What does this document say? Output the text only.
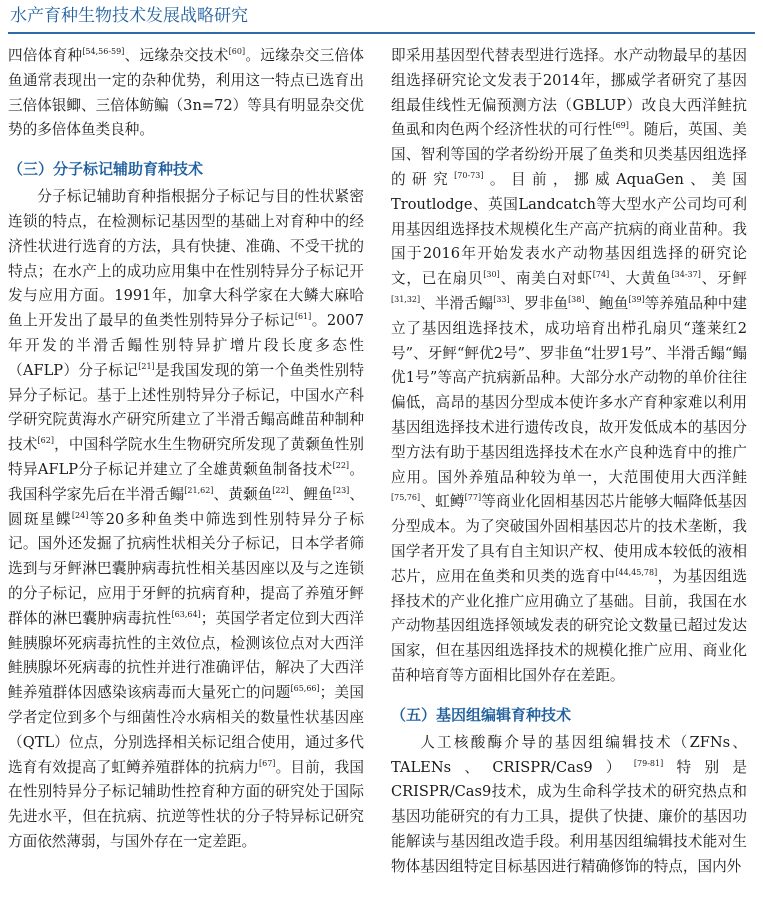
水产育种生物技术发展战略研究

四倍体育种[54,56-59]、远缘杂交技术[60]。远缘杂交三倍体鱼通常表现出一定的杂种优势，利用这一特点已选育出三倍体银鲫、三倍体鲂鳊（3n=72）等具有明显杂交优势的多倍体鱼类良种。

（三）分子标记辅助育种技术

分子标记辅助育种指根据分子标记与目的性状紧密连锁的特点，在检测标记基因型的基础上对育种中的经济性状进行选育的方法，具有快捷、准确、不受干扰的特点；在水产上的成功应用集中在性别特异分子标记开发与应用方面。1991年，加拿大科学家在大鳞大麻哈鱼上开发出了最早的鱼类性别特异分子标记[61]。2007年开发的半滑舌鳎性别特异扩增片段长度多态性（AFLP）分子标记[21]是我国发现的第一个鱼类性别特异分子标记。基于上述性别特异分子标记，中国水产科学研究院黄海水产研究所建立了半滑舌鳎高雌苗种制种技术[62]，中国科学院水生生物研究所发现了黄颡鱼性别特异AFLP分子标记并建立了全雄黄颡鱼制备技术[22]。我国科学家先后在半滑舌鳎[21,62]、黄颡鱼[22]、鲤鱼[23]、圆斑星鲽[24]等20多种鱼类中筛选到性别特异分子标记。国外还发掘了抗病性状相关分子标记，日本学者筛选到与牙鲆淋巴囊肿病毒抗性相关基因座以及与之连锁的分子标记，应用于牙鲆的抗病育种，提高了养殖牙鲆群体的淋巴囊肿病毒抗性[63,64]；英国学者定位到大西洋鲑胰腺坏死病毒抗性的主效位点，检测该位点对大西洋鲑胰腺坏死病毒的抗性并进行准确评估，解决了大西洋鲑养殖群体因感染该病毒而大量死亡的问题[65,66]；美国学者定位到多个与细菌性冷水病相关的数量性状基因座（QTL）位点，分别选择相关标记组合使用，通过多代选育有效提高了虹鳟养殖群体的抗病力[67]。目前，我国在性别特异分子标记辅助性控育种方面的研究处于国际先进水平，但在抗病、抗逆等性状的分子特异标记研究方面依然薄弱，与国外存在一定差距。

即采用基因型代替表型进行选择。水产动物最早的基因组选择研究论文发表于2014年，挪威学者研究了基因组最佳线性无偏预测方法（GBLUP）改良大西洋鲑抗鱼虱和肉色两个经济性状的可行性[69]。随后，英国、美国、智利等国的学者纷纷开展了鱼类和贝类基因组选择的研究[70-73]。目前，挪威AquaGen、美国Troutlodge、英国Landcatch等大型水产公司均可利用基因组选择技术规模化生产高产抗病的商业苗种。我国于2016年开始发表水产动物基因组选择的研究论文，已在扇贝[30]、南美白对虾[74]、大黄鱼[34-37]、牙鲆[31,32]、半滑舌鳎[33]、罗非鱼[38]、鲍鱼[39]等养殖品种中建立了基因组选择技术，成功培育出栉孔扇贝“蓬莱红2号”、牙鲆“鲆优2号”、罗非鱼“壮罗1号”、半滑舌鳎“鳎优1号”等高产抗病新品种。大部分水产动物的单价往往偏低，高昂的基因分型成本使许多水产育种家难以利用基因组选择技术进行遗传改良，故开发低成本的基因分型方法有助于基因组选择技术在水产良种选育中的推广应用。国外养殖品种较为单一，大范围使用大西洋鲑[75,76]、虹鳟[77]等商业化固相基因芯片能够大幅降低基因分型成本。为了突破国外固相基因芯片的技术垄断，我国学者开发了具有自主知识产权、使用成本较低的液相芯片，应用在鱼类和贝类的选育中[44,45,78]，为基因组选择技术的产业化推广应用确立了基础。目前，我国在水产动物基因组选择领域发表的研究论文数量已超过发达国家，但在基因组选择技术的规模化推广应用、商业化苗种培育等方面相比国外存在差距。

（五）基因组编辑育种技术

人工核酸酶介导的基因组编辑技术（ZFNs、TALENs、CRISPR/Cas9）[79-81]特别是CRISPR/Cas9技术，成为生命科学技术的研究热点和基因功能研究的有力工具，提供了快捷、廉价的基因功能解读与基因组改造手段。利用基因组编辑技术能对生物体基因组特定目标基因进行精确修饰的特点，国内外
